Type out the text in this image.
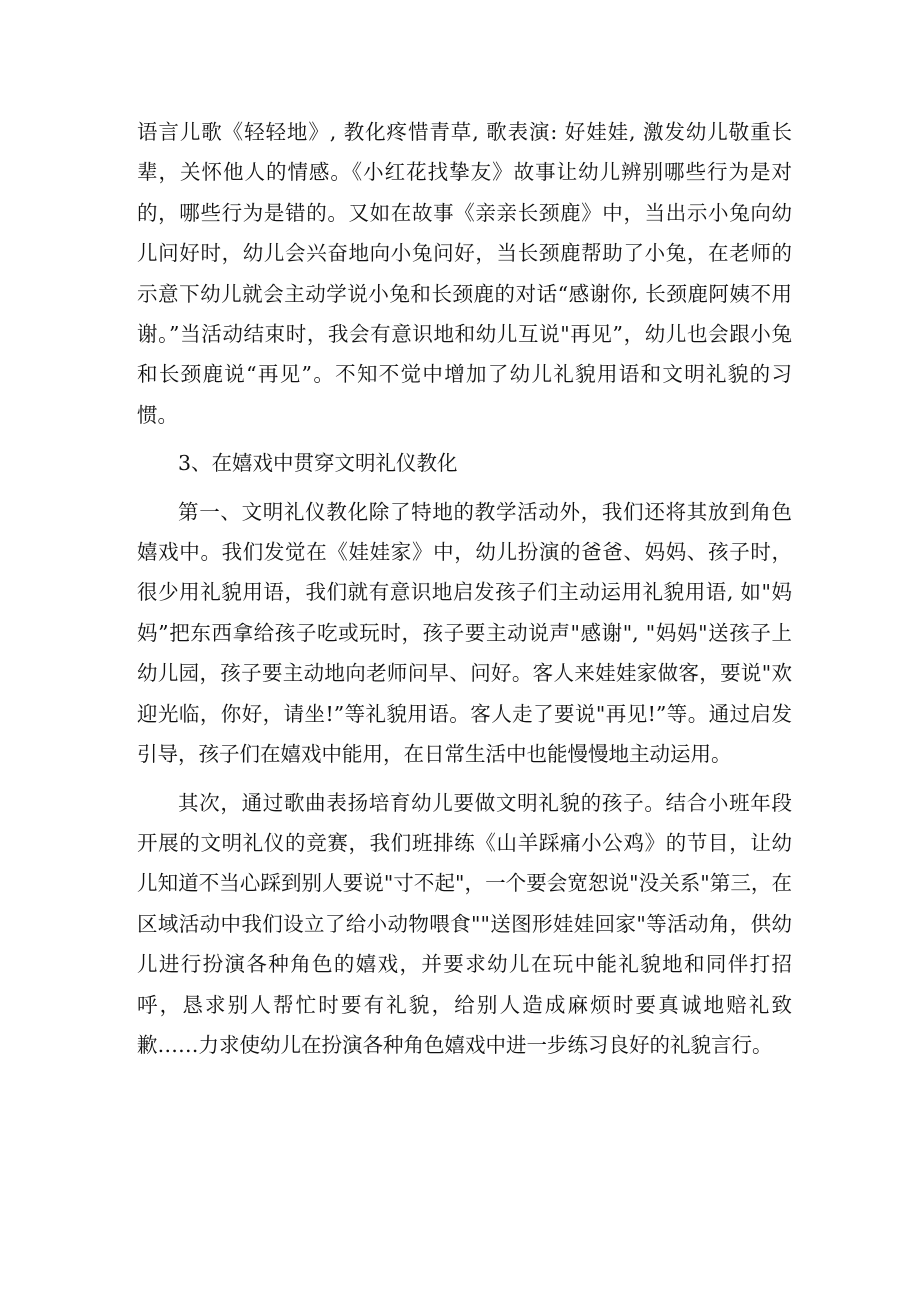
语言儿歌《轻轻地》, 教化疼惜青草, 歌表演: 好娃娃, 激发幼儿敬重长辈，关怀他人的情感。《小红花找挚友》故事让幼儿辨别哪些行为是对的，哪些行为是错的。又如在故事《亲亲长颈鹿》中，当出示小兔向幼儿问好时，幼儿会兴奋地向小兔问好，当长颈鹿帮助了小兔，在老师的示意下幼儿就会主动学说小兔和长颈鹿的对话“感谢你, 长颈鹿阿姨不用谢。”当活动结束时，我会有意识地和幼儿互说"再见”，幼儿也会跟小兔和长颈鹿说“再见”。不知不觉中增加了幼儿礼貌用语和文明礼貌的习惯。

3、在嬉戏中贯穿文明礼仪教化

第一、文明礼仪教化除了特地的教学活动外，我们还将其放到角色嬉戏中。我们发觉在《娃娃家》中，幼儿扮演的爸爸、妈妈、孩子时，很少用礼貌用语，我们就有意识地启发孩子们主动运用礼貌用语, 如"妈妈”把东西拿给孩子吃或玩时，孩子要主动说声"感谢", "妈妈"送孩子上幼儿园，孩子要主动地向老师问早、问好。客人来娃娃家做客，要说"欢迎光临，你好，请坐!”等礼貌用语。客人走了要说"再见!”等。通过启发引导，孩子们在嬉戏中能用，在日常生活中也能慢慢地主动运用。

其次，通过歌曲表扬培育幼儿要做文明礼貌的孩子。结合小班年段开展的文明礼仪的竞赛，我们班排练《山羊踩痛小公鸡》的节目，让幼儿知道不当心踩到别人要说"寸不起"，一个要会宽恕说"没关系"第三，在区域活动中我们设立了给小动物喂食""送图形娃娃回家"等活动角，供幼儿进行扮演各种角色的嬉戏，并要求幼儿在玩中能礼貌地和同伴打招呼，恳求别人帮忙时要有礼貌，给别人造成麻烦时要真诚地赔礼致歉……力求使幼儿在扮演各种角色嬉戏中进一步练习良好的礼貌言行。
